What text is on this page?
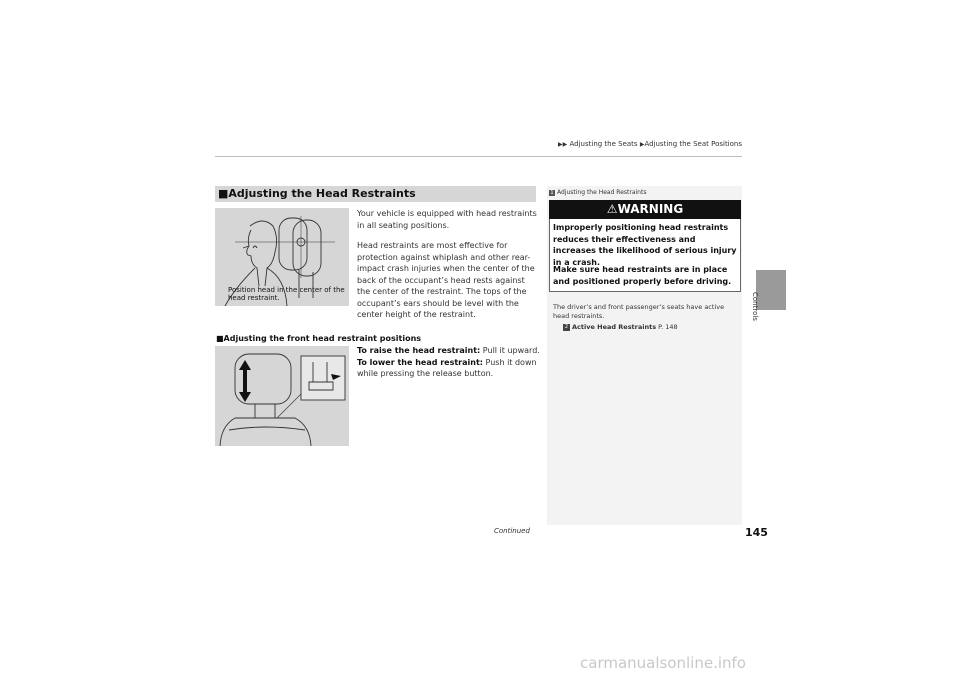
▶▶ Adjusting the Seats ▶Adjusting the Seat Positions
Controls
■Adjusting the Head Restraints
Position head in the center of the head restraint.
Your vehicle is equipped with head restraints in all seating positions.
Head restraints are most effective for protection against whiplash and other rear-impact crash injuries when the center of the back of the occupant’s head rests against the center of the restraint. The tops of the occupant’s ears should be level with the center height of the restraint.
■Adjusting the front head restraint positions
To raise the head restraint: Pull it upward.
To lower the head restraint: Push it down while pressing the release button.
1 Adjusting the Head Restraints
⚠WARNING
Improperly positioning head restraints reduces their effectiveness and increases the likelihood of serious injury in a crash.
Make sure head restraints are in place and positioned properly before driving.
The driver’s and front passenger’s seats have active head restraints.
2 Active Head Restraints P. 148
Continued	145
carmanualsonline.info
